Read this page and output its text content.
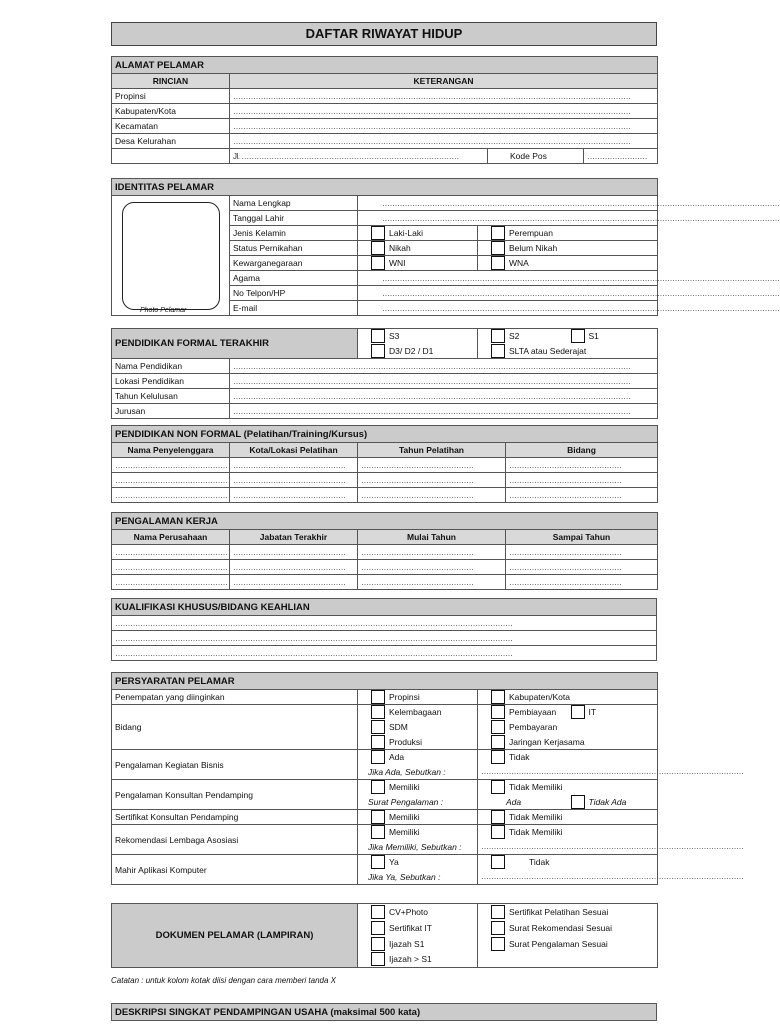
DAFTAR RIWAYAT HIDUP
ALAMAT PELAMAR			
RINCIAN	KETERANGAN		
Propinsi	……………………………………………………………………………………………………………………………………………		
Kabupaten/Kota	……………………………………………………………………………………………………………………………………………		
Kecamatan	……………………………………………………………………………………………………………………………………………		
Desa Kelurahan	……………………………………………………………………………………………………………………………………………		
	Jl. ……………………………………………………………………………	Kode Pos	……………………
IDENTITAS PELAMAR			
	Nama Lengkap	……………………………………………………………………………………………………………………………………………	
	Tanggal Lahir	……………………………………………………………………………………………………………………………………………	
	Jenis Kelamin	Laki-Laki	Perempuan

	Status Pernikahan	Nikah	Belum Nikah

	Kewarganegaraan	WNI	WNA

	Agama	……………………………………………………………………………………………………………………………………………	
	No Telpon/HP	……………………………………………………………………………………………………………………………………………	
	E-mail	……………………………………………………………………………………………………………………………………………	
Photo Pelamar
PENDIDIKAN FORMAL TERAKHIR		S3	S2	S1

		D3/ D2 / D1	SLTA atau Sederajat	

Nama Pendidikan	……………………………………………………………………………………………………………………………………………			
Lokasi Pendidikan	……………………………………………………………………………………………………………………………………………			
Tahun Kelulusan	……………………………………………………………………………………………………………………………………………			
Jurusan	……………………………………………………………………………………………………………………………………………			
PENDIDIKAN NON FORMAL (Pelatihan/Training/Kursus)			
Nama Penyelenggara	Kota/Lokasi Pelatihan	Tahun Pelatihan	Bidang
………………………………………	………………………………………	………………………………………	………………………………………
………………………………………	………………………………………	………………………………………	………………………………………
………………………………………	………………………………………	………………………………………	………………………………………
PENGALAMAN KERJA			
Nama Perusahaan	Jabatan Terakhir	Mulai Tahun	Sampai Tahun
………………………………………	………………………………………	………………………………………	………………………………………
………………………………………	………………………………………	………………………………………	………………………………………
………………………………………	………………………………………	………………………………………	………………………………………
KUALIFIKASI KHUSUS/BIDANG KEAHLIAN
……………………………………………………………………………………………………………………………………………
……………………………………………………………………………………………………………………………………………
……………………………………………………………………………………………………………………………………………
PERSYARATAN PELAMAR			
Penempatan yang diinginkan	Propinsi	Kabupaten/Kota	

Bidang	Kelembagaan	Pembiayaan	IT

	SDM	Pembayaran	

	Produksi	Jaringan Kerjasama	

Pengalaman Kegiatan Bisnis	Ada	Tidak	

	Jika Ada, Sebutkan :	……………………………………………………………………………………………	
Pengalaman Konsultan Pendamping	Memiliki	Tidak Memiliki	

	Surat Pengalaman :	Ada	Tidak Ada

Sertifikat Konsultan Pendamping	Memiliki	Tidak Memiliki	

Rekomendasi Lembaga Asosiasi	Memiliki	Tidak Memiliki	

	Jika Memiliki, Sebutkan :	……………………………………………………………………………………………	
Mahir Aplikasi Komputer	Ya	Tidak	

	Jika Ya, Sebutkan :	……………………………………………………………………………………………	
DOKUMEN PELAMAR (LAMPIRAN)	CV+Photo	Sertifikat Pelatihan Sesuai

	Sertifikat IT	Surat Rekomendasi Sesuai

	Ijazah S1	Surat Pengalaman Sesuai

	Ijazah > S1	

Catatan : untuk kolom kotak diisi dengan cara memberi tanda X
DESKRIPSI SINGKAT PENDAMPINGAN USAHA (maksimal 500 kata)
